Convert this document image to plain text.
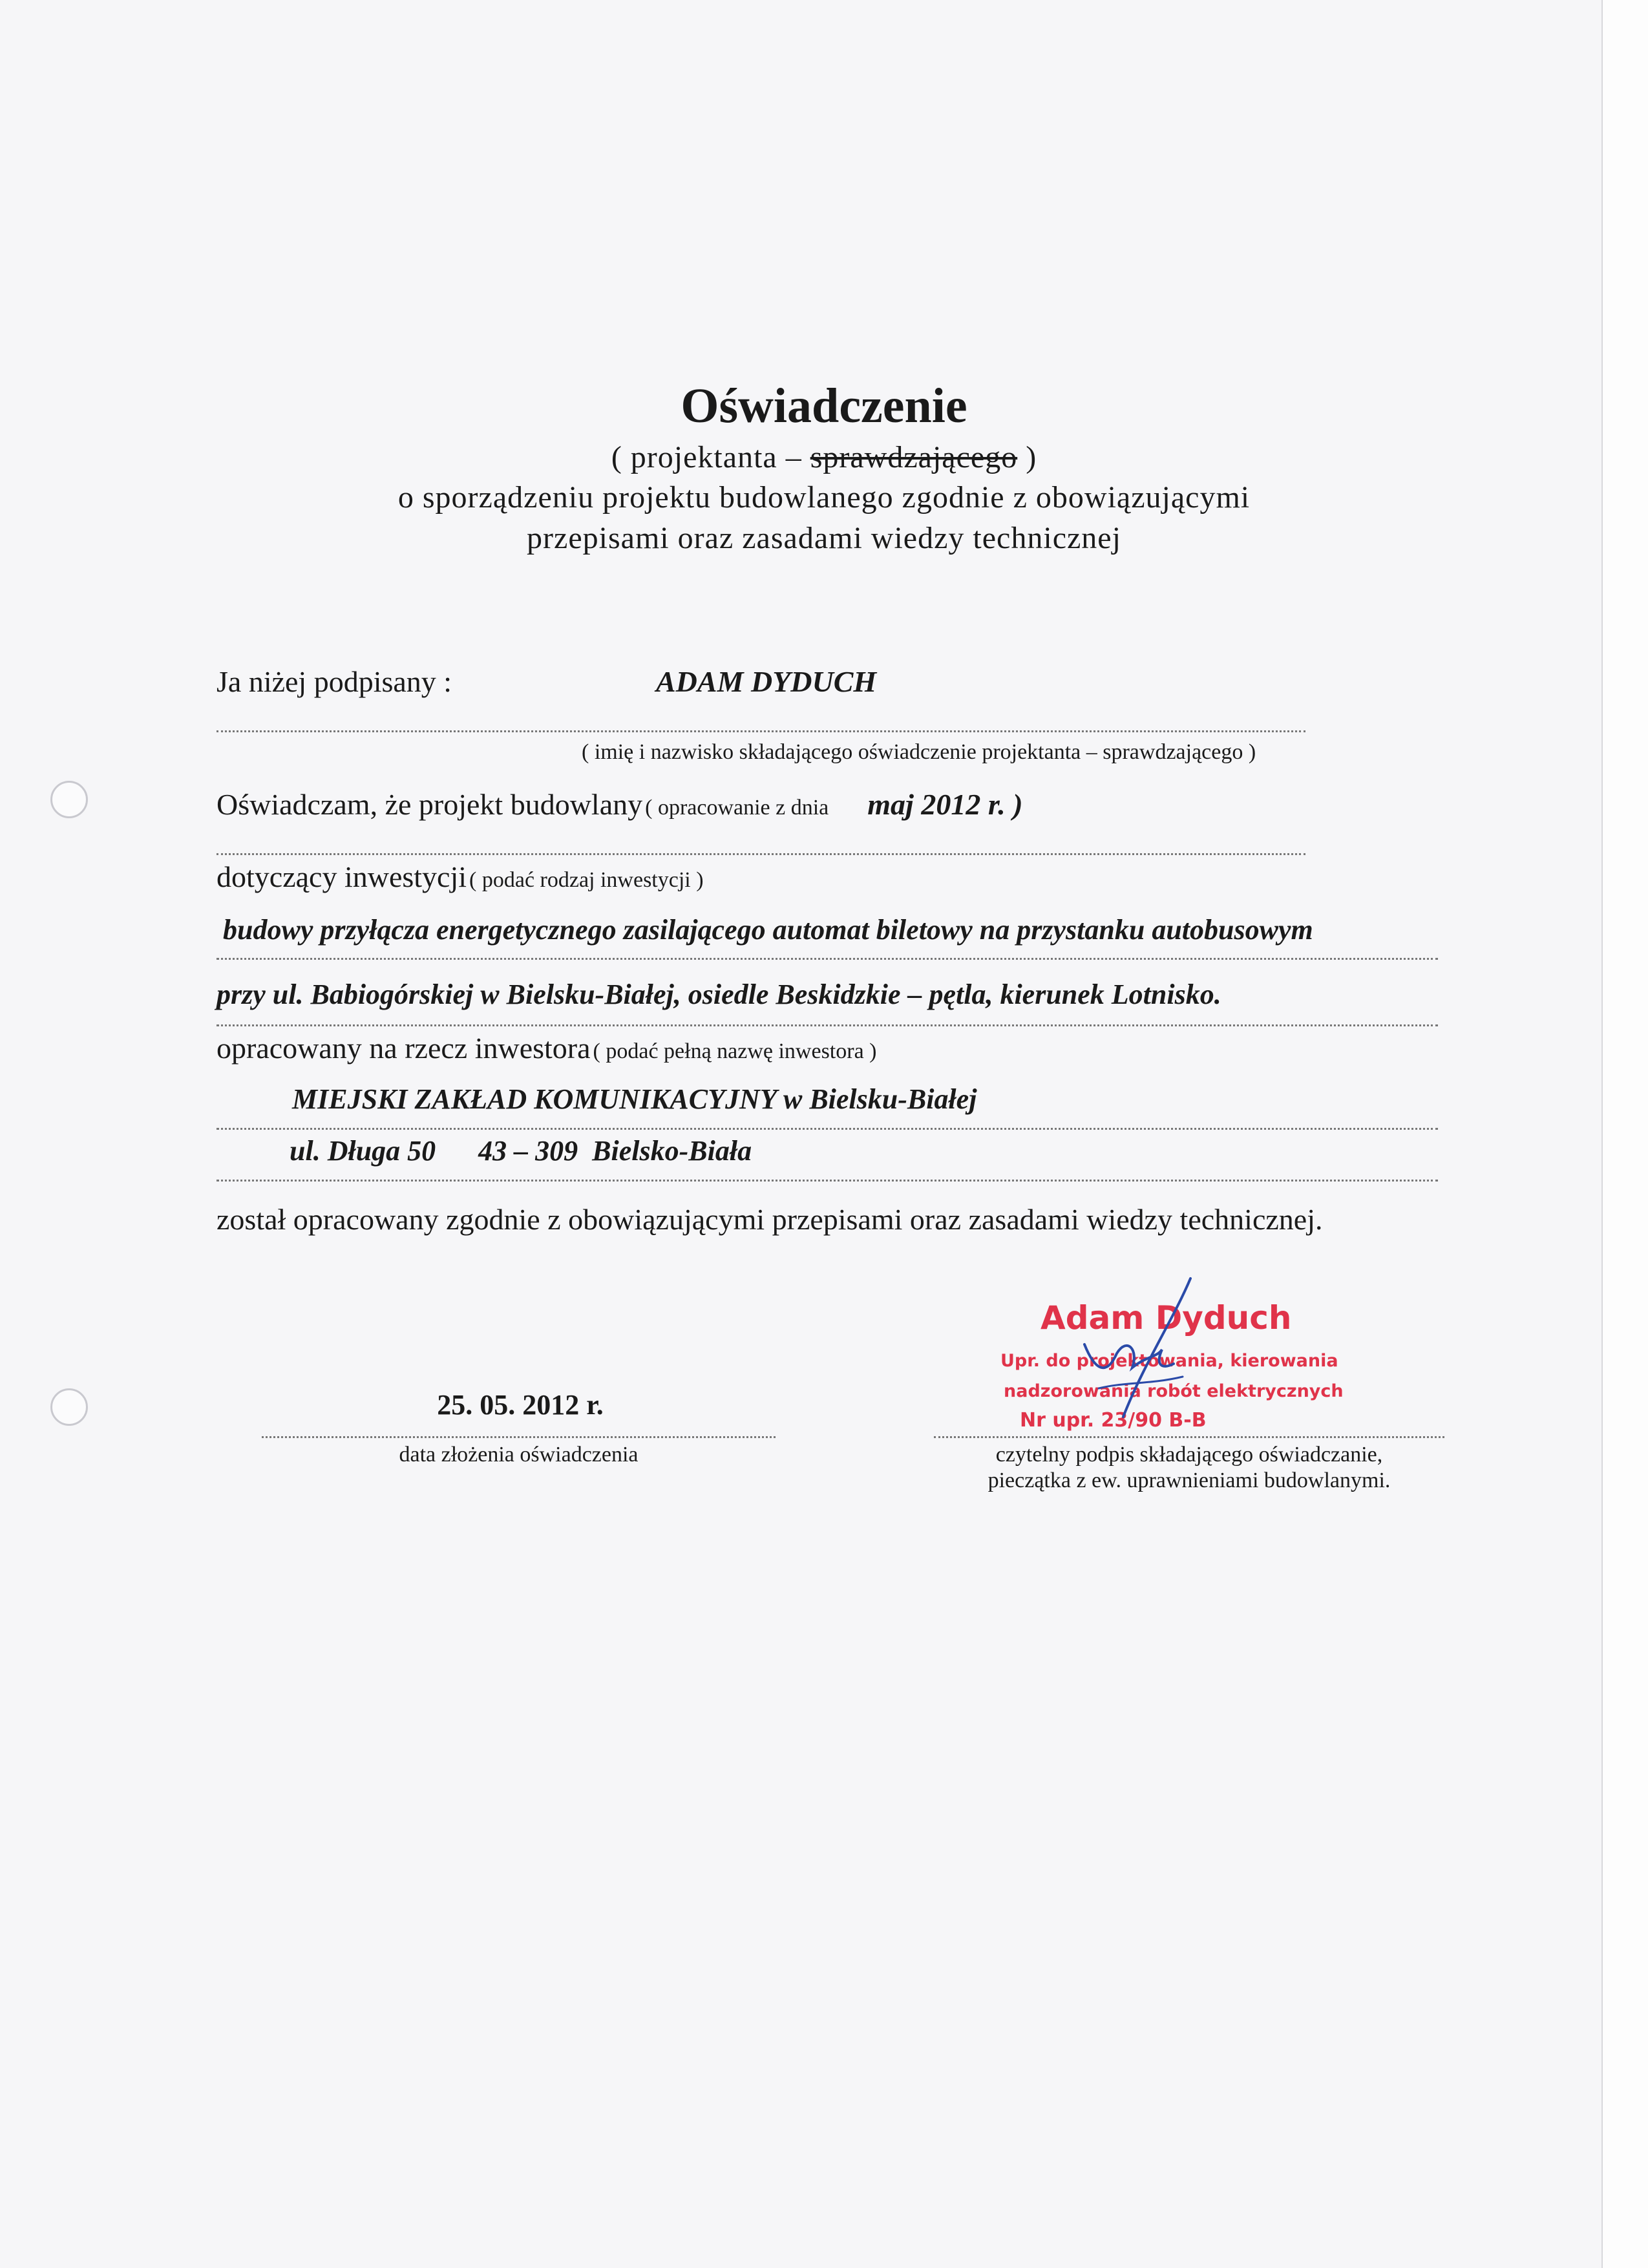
Oświadczenie
( projektanta – sprawdzającego )
o sporządzeniu projektu budowlanego zgodnie z obowiązującymi
przepisami oraz zasadami wiedzy technicznej
Ja niżej podpisany :	ADAM DYDUCH
( imię i nazwisko składającego oświadczenie projektanta – sprawdzającego )
Oświadczam, że projekt budowlany ( opracowanie z dnia maj 2012 r. )
dotyczący inwestycji ( podać rodzaj inwestycji )
budowy przyłącza energetycznego zasilającego automat biletowy na przystanku autobusowym
przy ul. Babiogórskiej w Bielsku-Białej, osiedle Beskidzkie – pętla, kierunek Lotnisko.
opracowany na rzecz inwestora ( podać pełną nazwę inwestora )
MIEJSKI ZAKŁAD KOMUNIKACYJNY w Bielsku-Białej
ul. Długa 50      43 – 309  Bielsko-Biała
został opracowany zgodnie z obowiązującymi przepisami oraz zasadami wiedzy technicznej.
Adam Dyduch
Upr. do projektowania, kierowania
nadzorowania robót elektrycznych
Nr upr. 23/90 B-B
25. 05. 2012 r.
data złożenia oświadczenia	czytelny podpis składającego oświadczanie,
pieczątka z ew. uprawnieniami budowlanymi.
